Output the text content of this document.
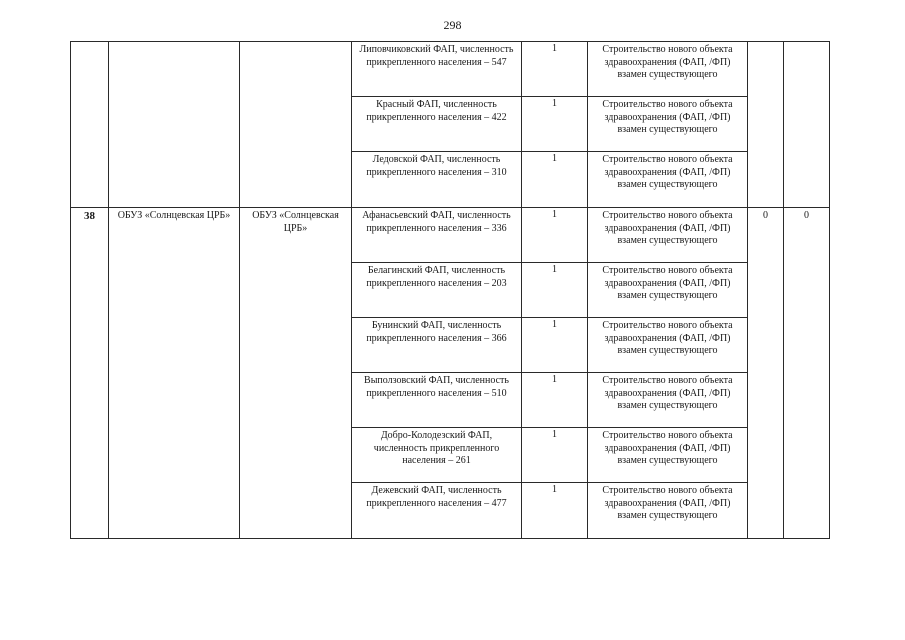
298
			Липовчиковский ФАП, численность прикрепленного населения – 547	1	Строительство нового объекта здравоохранения (ФАП, /ФП) взамен существующего		
			Красный ФАП, численность прикрепленного населения – 422	1	Строительство нового объекта здравоохранения (ФАП, /ФП) взамен существующего		
			Ледовской ФАП, численность прикрепленного населения – 310	1	Строительство нового объекта здравоохранения (ФАП, /ФП) взамен существующего		
38	ОБУЗ «Солнцевская ЦРБ»	ОБУЗ «Солнцевская ЦРБ»	Афанасьевский ФАП, численность прикрепленного населения – 336	1	Строительство нового объекта здравоохранения (ФАП, /ФП) взамен существующего	0	0
			Белагинский ФАП, численность прикрепленного населения – 203	1	Строительство нового объекта здравоохранения (ФАП, /ФП) взамен существующего		
			Бунинский ФАП, численность прикрепленного населения – 366	1	Строительство нового объекта здравоохранения (ФАП, /ФП) взамен существующего		
			Выползовский ФАП, численность прикрепленного населения – 510	1	Строительство нового объекта здравоохранения (ФАП, /ФП) взамен существующего		
			Добро-Колодезский ФАП, численность прикрепленного населения – 261	1	Строительство нового объекта здравоохранения (ФАП, /ФП) взамен существующего		
			Дежевский ФАП, численность прикрепленного населения – 477	1	Строительство нового объекта здравоохранения (ФАП, /ФП) взамен существующего		
